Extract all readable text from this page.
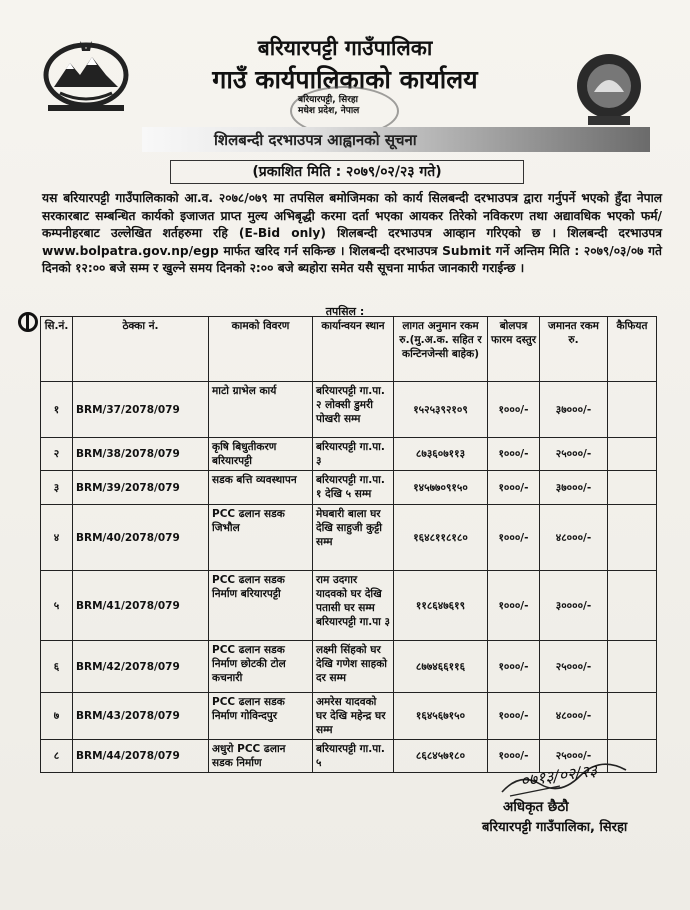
बरियारपट्टी गाउँपालिका
गाउँ कार्यपालिकाको कार्यालय
बरियारपट्टी, सिरहा
मधेश प्रदेश, नेपाल
शिलबन्दी दरभाउपत्र आह्वानको सूचना
(प्रकाशित मिति : २०७९/०२/२३ गते)
यस बरियारपट्टी गाउँपालिकाको आ.व. २०७८/०७९ मा तपसिल बमोजिमका को कार्य सिलबन्दी दरभाउपत्र द्वारा गर्नुपर्ने भएको हुँदा नेपाल सरकारबाट सम्बन्धित कार्यको इजाजत प्राप्त मुल्य अभिबृद्धी करमा दर्ता भएका आयकर तिरेको नविकरण तथा अद्यावधिक भएको फर्म/कम्पनीहरबाट उल्लेखित शर्तहरुमा रहि (E-Bid only) शिलबन्दी दरभाउपत्र आव्हान गरिएको छ । शिलबन्दी दरभाउपत्र www.bolpatra.gov.np/egp मार्फत खरिद गर्न सकिन्छ । शिलबन्दी दरभाउपत्र Submit गर्ने अन्तिम मिति : २०७९/०३/०७ गते दिनको १२:०० बजे सम्म र खुल्ने समय दिनको २:०० बजे ब्यहोरा समेत यसै सूचना मार्फत जानकारी गराईन्छ ।
तपसिल :
सि.नं.	ठेक्का नं.	कामको विवरण	कार्यान्वयन स्थान	लागत अनुमान रकम रु.(मु.अ.क. सहित र कन्टिनजेन्सी बाहेक)	बोलपत्र फारम दस्तुर	जमानत रकम रु.	कैफियत
१	BRM/37/2078/079	माटो ग्राभेल कार्य	बरियारपट्टी गा.पा. २ लोक्सी डुमरी पोखरी सम्म	१५२५३९२१०९	१०००/-	३७०००/-	
२	BRM/38/2078/079	कृषि बिधुतीकरण बरियारपट्टी	बरियारपट्टी गा.पा. ३	८७३६०७११३	१०००/-	२५०००/-	
३	BRM/39/2078/079	सडक बत्ति व्यवस्थापन	बरियारपट्टी गा.पा. १ देखि ५ सम्म	१४५७७०९१५०	१०००/-	३७०००/-	
४	BRM/40/2078/079	PCC ढलान सडक जिभौल	मेघबारी बाला घर देखि साहुजी कुट्टी सम्म	१६४८११८१८०	१०००/-	४८०००/-	
५	BRM/41/2078/079	PCC ढलान सडक निर्माण बरियारपट्टी	राम उदगार यादवको घर देखि पतासी घर सम्म बरियारपट्टी गा.पा ३	११८६४७६१९	१०००/-	३००००/-	
६	BRM/42/2078/079	PCC ढलान सडक निर्माण छोटकी टोल कचनारी	लक्ष्मी सिंहको घर देखि गणेश साहको दर सम्म	८७७४६६११६	१०००/-	२५०००/-	
७	BRM/43/2078/079	PCC ढलान सडक निर्माण गोविन्दपुर	अमरेस यादवको घर देखि महेन्द्र घर सम्म	१६४५६७१५०	१०००/-	४८०००/-	
८	BRM/44/2078/079	अधुरो PCC ढलान सडक निर्माण	बरियारपट्टी गा.पा. ५	८६८४५७१८०	१०००/-	२५०००/-	
०७१३/०२/२३
अधिकृत छैठौ
बरियारपट्टी गाउँपालिका, सिरहा
